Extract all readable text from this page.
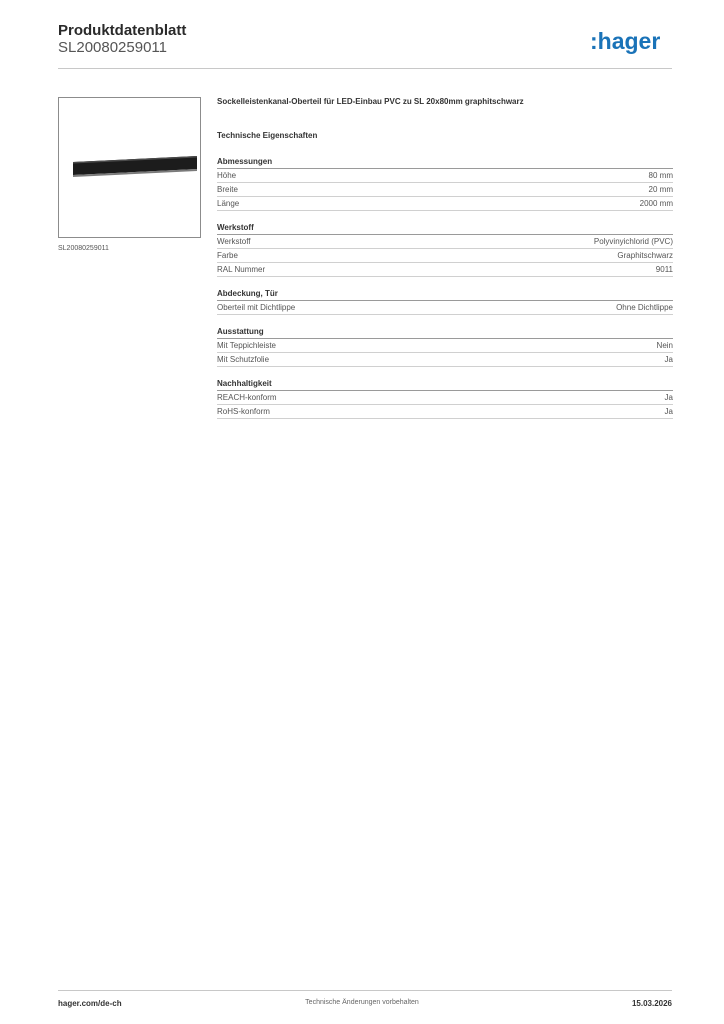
Produktdatenblatt
SL20080259011	:hager
SL20080259011
Sockelleistenkanal-Oberteil für LED-Einbau PVC zu SL 20x80mm graphitschwarz
Technische Eigenschaften
Abmessungen
Höhe	80 mm
Breite	20 mm
Länge	2000 mm
Werkstoff
Werkstoff	Polyvinyichlorid (PVC)
Farbe	Graphitschwarz
RAL Nummer	9011
Abdeckung, Tür
Oberteil mit Dichtlippe	Ohne Dichtlippe
Ausstattung
Mit Teppichleiste	Nein
Mit Schutzfolie	Ja
Nachhaltigkeit
REACH-konform	Ja
RoHS-konform	Ja
Technische Änderungen vorbehalten
hager.com/de-ch	15.03.2026
